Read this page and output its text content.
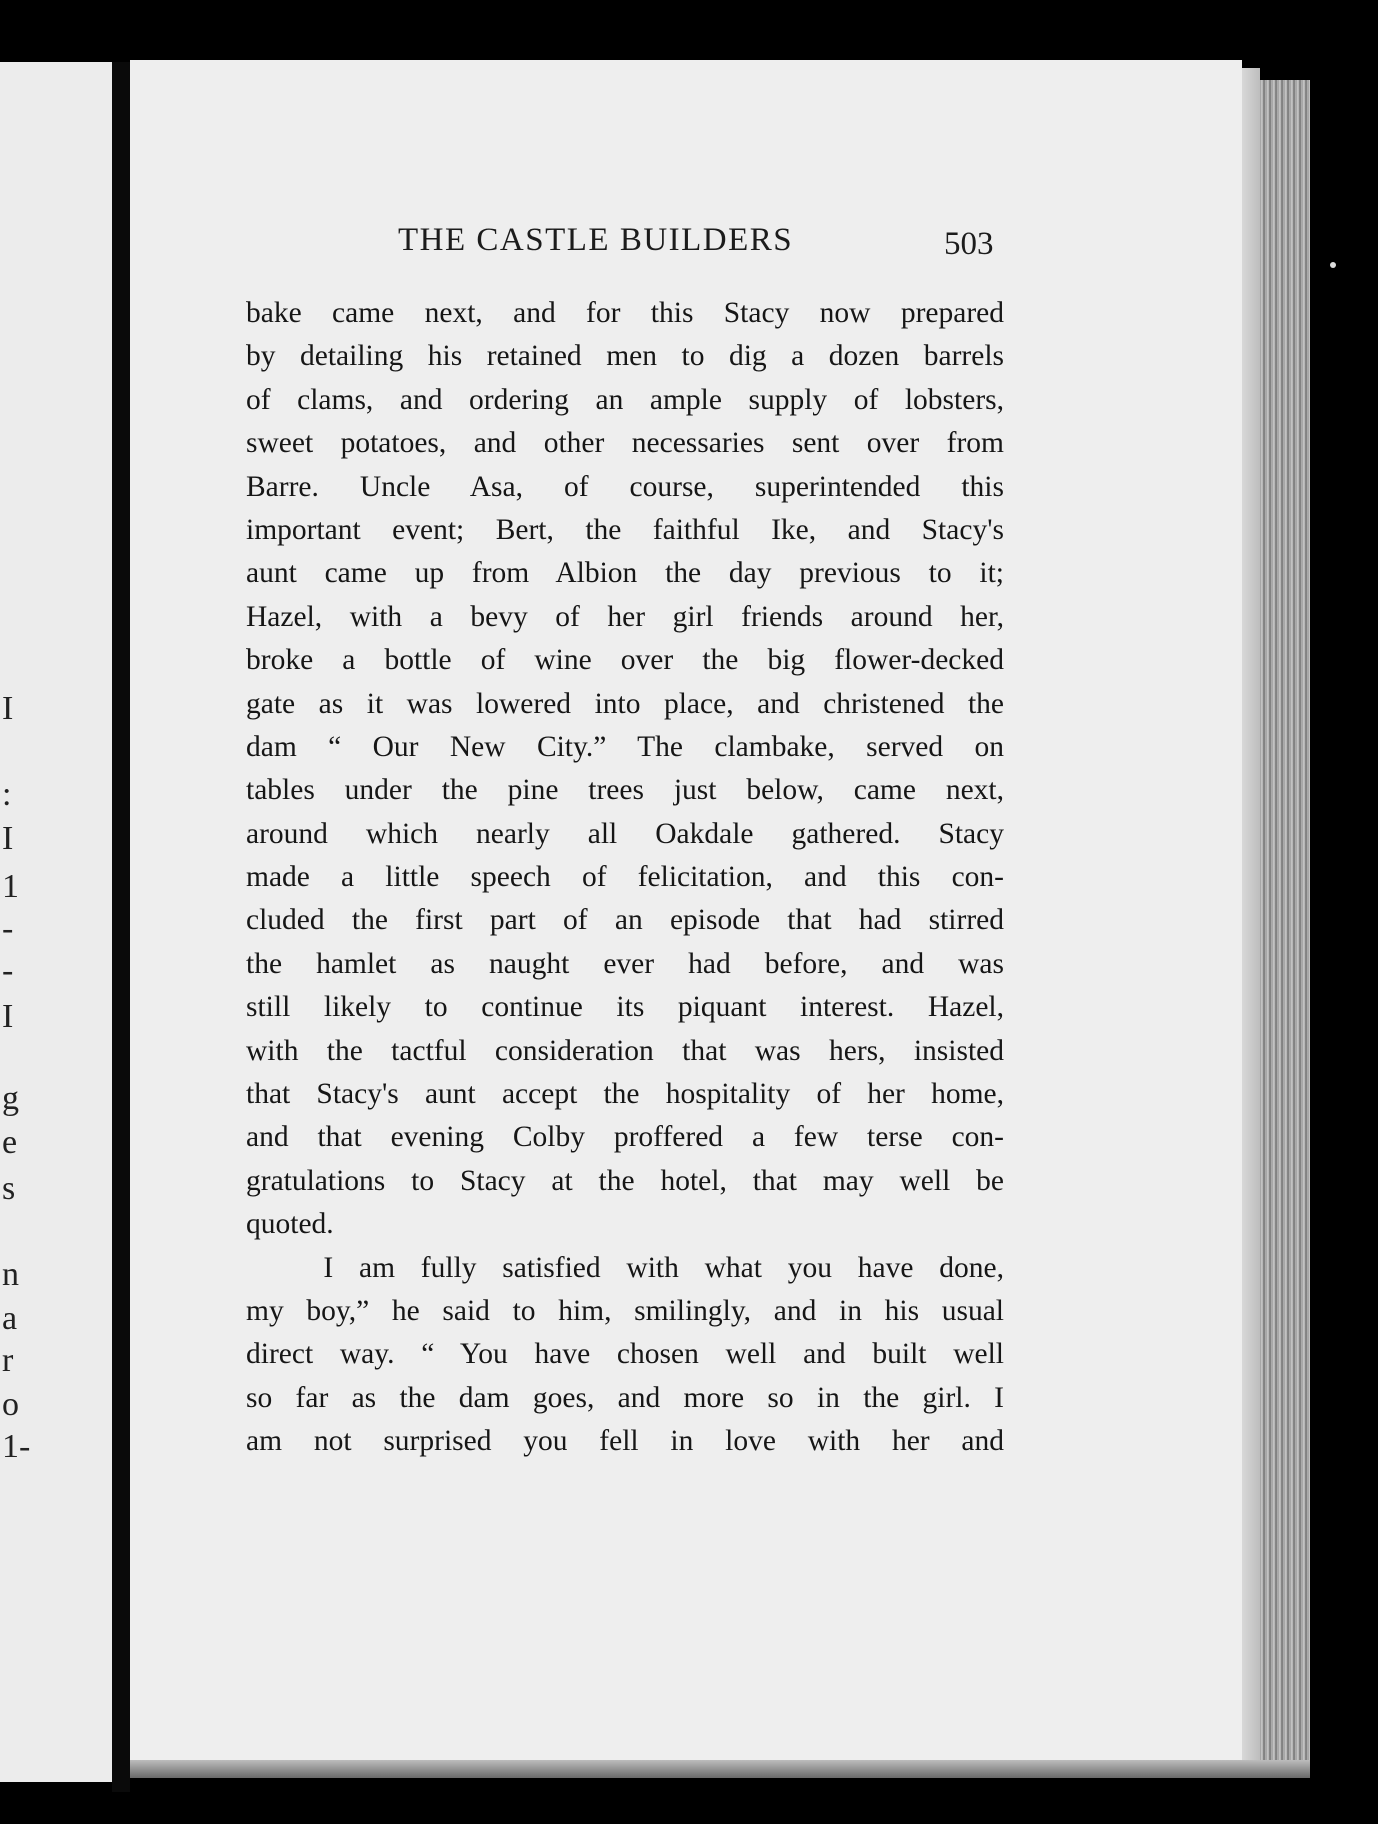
I
:
I
1
-
-
I
g
e
s
n
a
r
o
1-
THE CASTLE BUILDERS	503
bake came next, and for this Stacy now prepared
by detailing his retained men to dig a dozen barrels
of clams, and ordering an ample supply of lobsters,
sweet potatoes, and other necessaries sent over from
Barre. Uncle Asa, of course, superintended this
important event; Bert, the faithful Ike, and Stacy's
aunt came up from Albion the day previous to it;
Hazel, with a bevy of her girl friends around her,
broke a bottle of wine over the big flower-decked
gate as it was lowered into place, and christened the
dam “ Our New City.” The clambake, served on
tables under the pine trees just below, came next,
around which nearly all Oakdale gathered. Stacy
made a little speech of felicitation, and this con-
cluded the first part of an episode that had stirred
the hamlet as naught ever had before, and was
still likely to continue its piquant interest. Hazel,
with the tactful consideration that was hers, insisted
that Stacy's aunt accept the hospitality of her home,
and that evening Colby proffered a few terse con-
gratulations to Stacy at the hotel, that may well be
quoted.
I am fully satisfied with what you have done,
my boy,” he said to him, smilingly, and in his usual
direct way. “ You have chosen well and built well
so far as the dam goes, and more so in the girl. I
am not surprised you fell in love with her and
